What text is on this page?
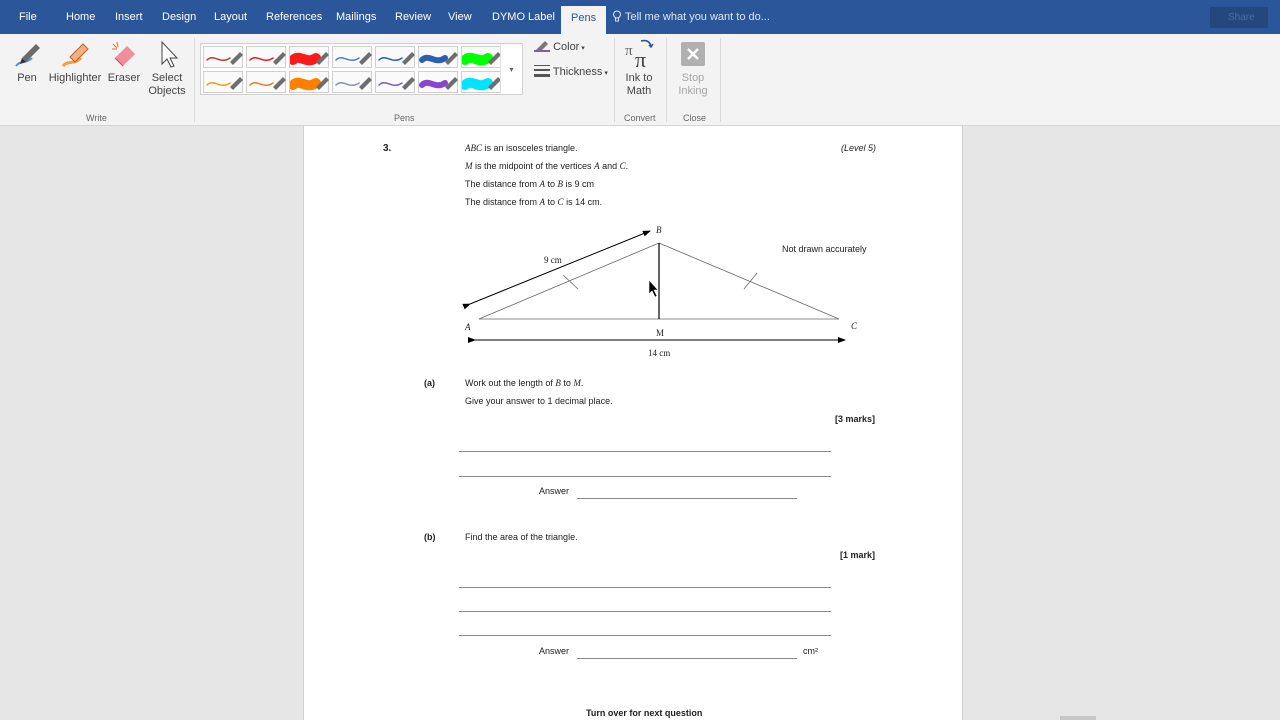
File	Home	Insert	Design	Layout	References	Mailings	Review	View	DYMO Label	Pens	Tell me what you want to do...	Share
Pen	Highlighter Eraser	Select
Objects
Write
▾
Color ▾
Thickness ▾
Pens
π π
Ink to
Math
Convert
Stop
Inking
Close
3.	(Level 5)
ABC is an isosceles triangle.
M is the midpoint of the vertices A and C.
The distance from A to B is 9 cm
The distance from A to C is 14 cm.
B
A	C
M
9 cm
14 cm
Not drawn accurately
(a)	Work out the length of B to M.
Give your answer to 1 decimal place.
[3 marks]
Answer
(b)	Find the area of the triangle.
[1 mark]
Answer	cm²
Turn over for next question
